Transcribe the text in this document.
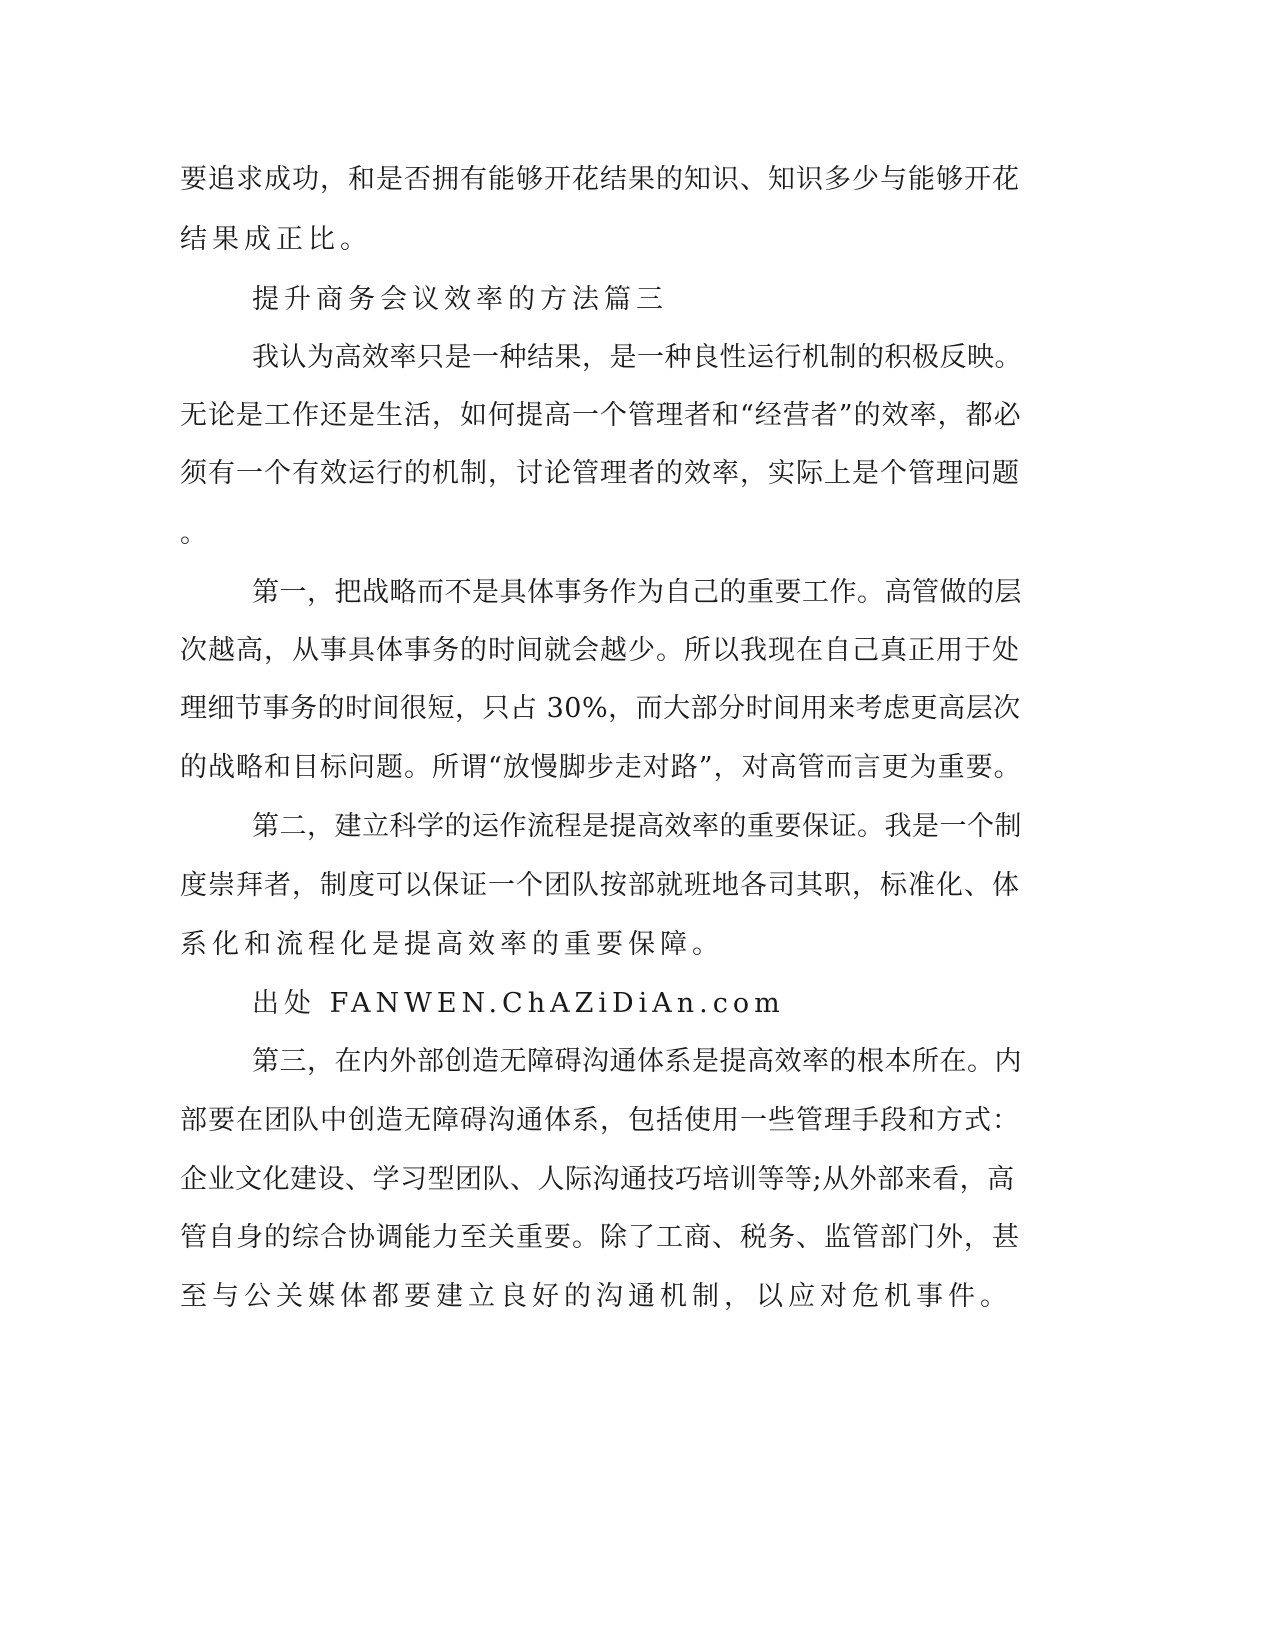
要追求成功，和是否拥有能够开花结果的知识、知识多少与能够开花
结果成正比。
提升商务会议效率的方法篇三
我认为高效率只是一种结果，是一种良性运行机制的积极反映。
无论是工作还是生活，如何提高一个管理者和“经营者”的效率，都必
须有一个有效运行的机制，讨论管理者的效率，实际上是个管理问题
。
第一，把战略而不是具体事务作为自己的重要工作。高管做的层
次越高，从事具体事务的时间就会越少。所以我现在自己真正用于处
理细节事务的时间很短，只占 30%，而大部分时间用来考虑更高层次
的战略和目标问题。所谓“放慢脚步走对路”，对高管而言更为重要。
第二，建立科学的运作流程是提高效率的重要保证。我是一个制
度崇拜者，制度可以保证一个团队按部就班地各司其职，标准化、体
系化和流程化是提高效率的重要保障。
出处 FANWEN.ChAZiDiAn.com
第三，在内外部创造无障碍沟通体系是提高效率的根本所在。内
部要在团队中创造无障碍沟通体系，包括使用一些管理手段和方式：
企业文化建设、学习型团队、人际沟通技巧培训等等;从外部来看，高
管自身的综合协调能力至关重要。除了工商、税务、监管部门外，甚
至与公关媒体都要建立良好的沟通机制，以应对危机事件。
